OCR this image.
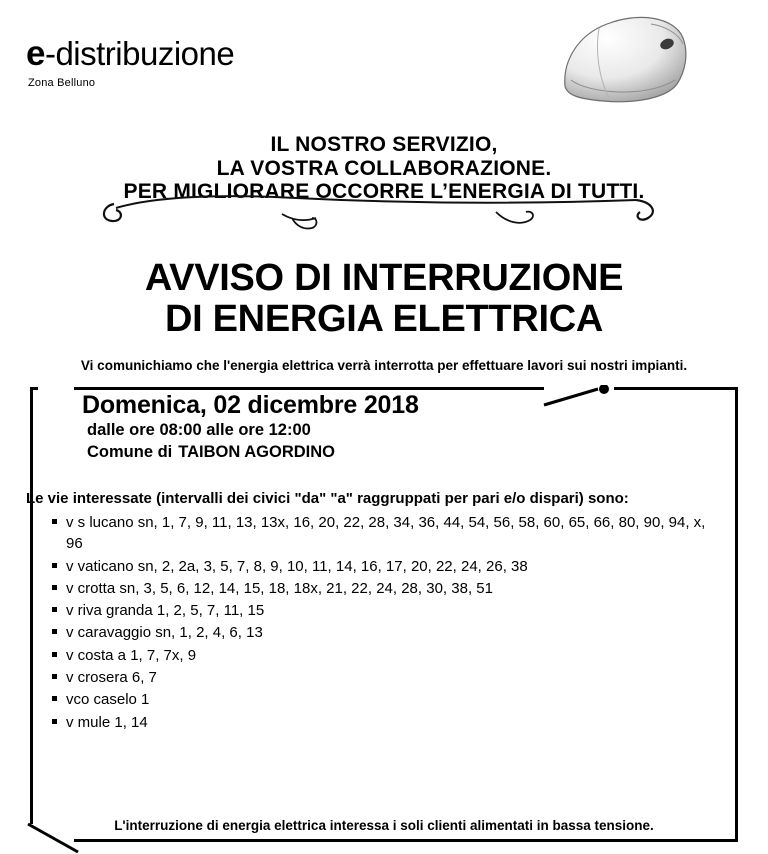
e-distribuzione
Zona Belluno
IL NOSTRO SERVIZIO,
LA VOSTRA COLLABORAZIONE.
PER MIGLIORARE OCCORRE L’ENERGIA DI TUTTI.
AVVISO DI INTERRUZIONE
DI ENERGIA ELETTRICA
Vi comunichiamo che l'energia elettrica verrà interrotta per effettuare lavori sui nostri impianti.
Domenica, 02 dicembre 2018
dalle ore 08:00 alle ore 12:00
Comune di TAIBON AGORDINO
Le vie interessate (intervalli dei civici "da" "a" raggruppati per pari e/o dispari) sono:
v s lucano sn, 1, 7, 9, 11, 13, 13x, 16, 20, 22, 28, 34, 36, 44, 54, 56, 58, 60, 65, 66, 80, 90, 94, x, 96
v vaticano sn, 2, 2a, 3, 5, 7, 8, 9, 10, 11, 14, 16, 17, 20, 22, 24, 26, 38
v crotta sn, 3, 5, 6, 12, 14, 15, 18, 18x, 21, 22, 24, 28, 30, 38, 51
v riva granda 1, 2, 5, 7, 11, 15
v caravaggio sn, 1, 2, 4, 6, 13
v costa a 1, 7, 7x, 9
v crosera 6, 7
vco caselo 1
v mule 1, 14
L'interruzione di energia elettrica interessa i soli clienti alimentati in bassa tensione.
